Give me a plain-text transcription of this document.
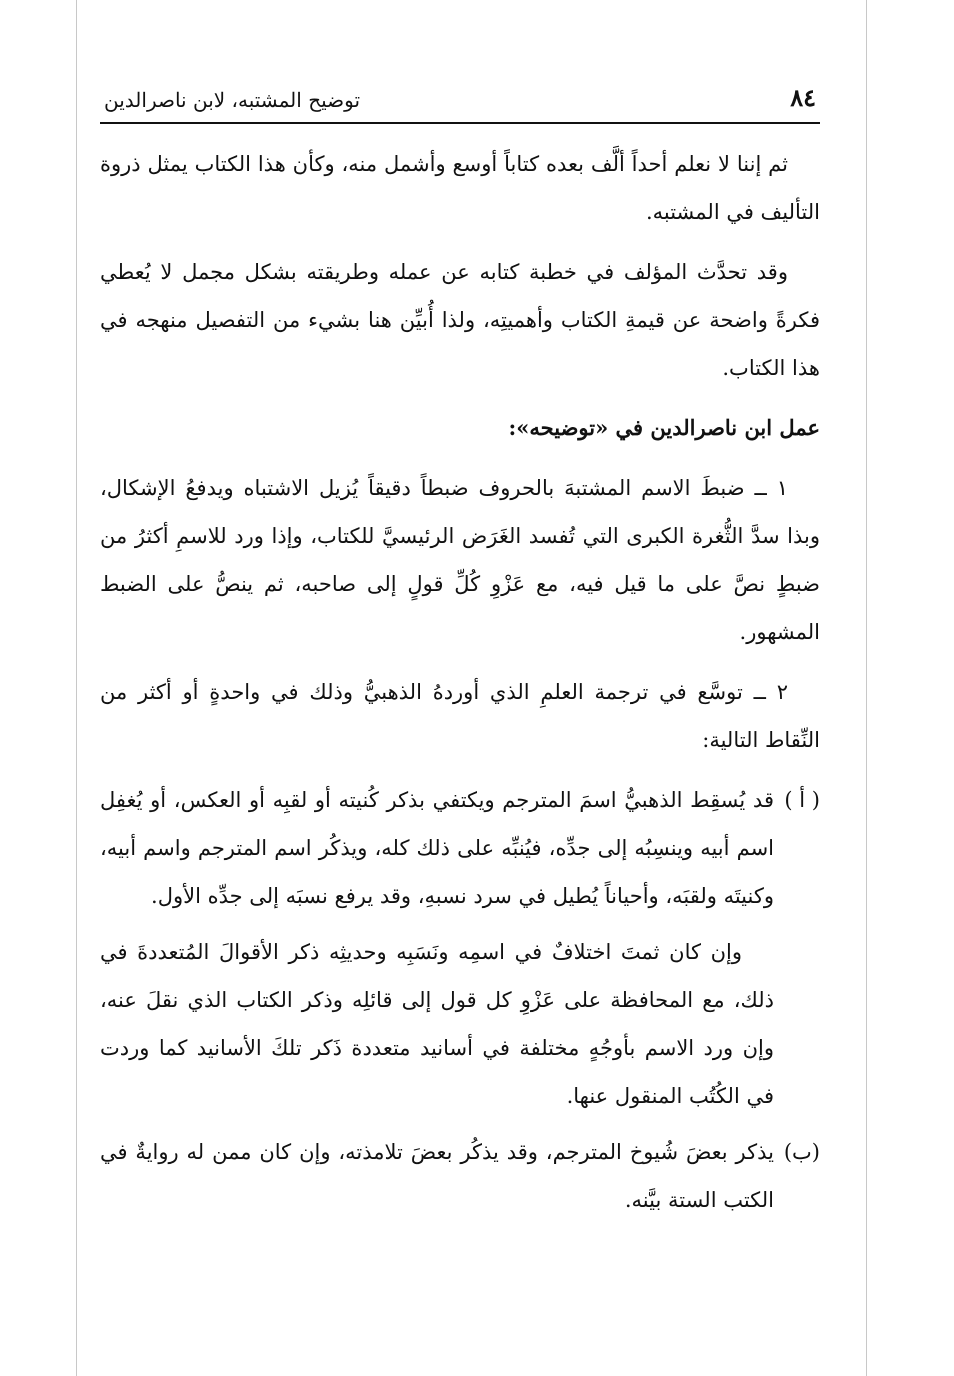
٨٤
توضيح المشتبه، لابن ناصرالدين

ثم إننا لا نعلم أحداً ألَّف بعده كتاباً أوسع وأشمل منه، وكأن هذا الكتاب يمثل ذروة التأليف في المشتبه.

وقد تحدَّث المؤلف في خطبة كتابه عن عمله وطريقته بشكل مجمل لا يُعطي فكرةً واضحة عن قيمةِ الكتاب وأهميتِه، ولذا أُبيِّن هنا بشيء من التفصيل منهجه في هذا الكتاب.

عمل ابن ناصرالدين في «توضيحه»:

١ ــ ضبطَ الاسم المشتبهَ بالحروف ضبطاً دقيقاً يُزيل الاشتباه ويدفعُ الإشكال، وبذا سدَّ الثُّغرة الكبرى التي تُفسد الغَرَض الرئيسيَّ للكتاب، وإذا ورد للاسمِ أكثرُ من ضبطٍ نصَّ على ما قيل فيه، مع عَزْوِ كُلِّ قولٍ إلى صاحبه، ثم ينصُّ على الضبط المشهور.

٢ ــ توسَّع في ترجمة العلمِ الذي أوردهُ الذهبيُّ وذلك في واحدةٍ أو أكثر من النِّقاط التالية:

( أ )

قد يُسقِط الذهبيُّ اسمَ المترجم ويكتفي بذكر كُنيته أو لقبِه أو العكس، أو يُغفِل اسم أبيه وينسِبُه إلى جدِّه، فيُنبِّه على ذلك كله، ويذكُر اسم المترجم واسم أبيه، وكنيتَه ولقبَه، وأحياناً يُطيل في سرد نسبهِ، وقد يرفع نسبَه إلى جدِّه الأول.

وإن كان ثمتَ اختلافٌ في اسمِه ونَسَبِه وحديثِه ذكر الأقوالَ المُتعددةَ في ذلك، مع المحافظة على عَزْوِ كل قول إلى قائلِه وذكر الكتاب الذي نقلَ عنه، وإن ورد الاسم بأوجُهٍ مختلفة في أسانيد متعددة ذَكر تلكَ الأسانيد كما وردت في الكُتُب المنقول عنها.

(ب)

يذكر بعضَ شُيوخ المترجم، وقد يذكُر بعضَ تلامذته، وإن كان ممن له روايةٌ في الكتب الستة بيَّنه.
